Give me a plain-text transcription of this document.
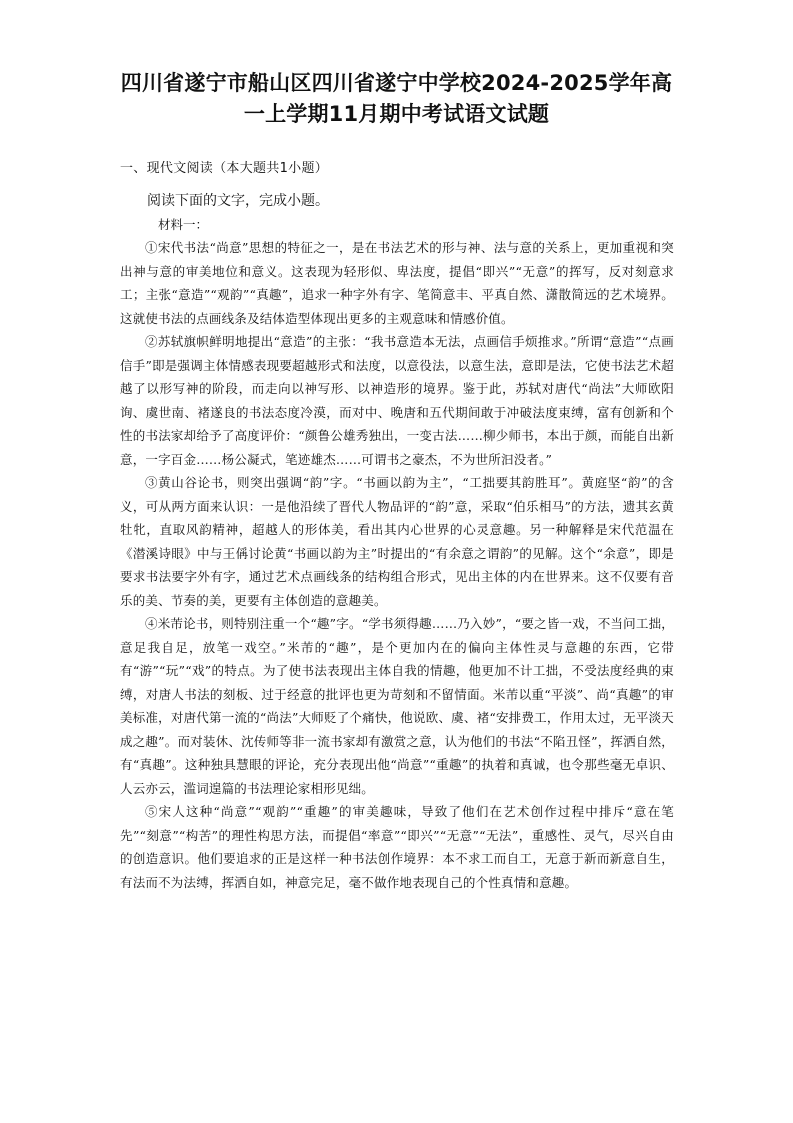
四川省遂宁市船山区四川省遂宁中学校2024-2025学年高
一上学期11月期中考试语文试题
一、现代文阅读（本大题共1小题）
阅读下面的文字，完成小题。
材料一：

①宋代书法“尚意”思想的特征之一，是在书法艺术的形与神、法与意的关系上，更加重视和突出神与意的审美地位和意义。这表现为轻形似、卑法度，提倡“即兴”“无意”的挥写，反对刻意求工；主张“意造”“观韵”“真趣”，追求一种字外有字、笔简意丰、平真自然、潇散简远的艺术境界。这就使书法的点画线条及结体造型体现出更多的主观意味和情感价值。

②苏轼旗帜鲜明地提出“意造”的主张：“我书意造本无法，点画信手烦推求。”所谓“意造”“点画信手”即是强调主体情感表现要超越形式和法度，以意役法，以意生法，意即是法，它使书法艺术超越了以形写神的阶段，而走向以神写形、以神造形的境界。鉴于此，苏轼对唐代“尚法”大师欧阳询、虞世南、褚遂良的书法态度冷漠，而对中、晚唐和五代期间敢于冲破法度束缚，富有创新和个性的书法家却给予了高度评价：“颜鲁公雄秀独出，一变古法……柳少师书，本出于颜，而能自出新意，一字百金……杨公凝式，笔迹雄杰……可谓书之豪杰，不为世所汩没者。”

③黄山谷论书，则突出强调“韵”字。“书画以韵为主”，“工拙要其韵胜耳”。黄庭坚“韵”的含义，可从两方面来认识：一是他沿续了晋代人物品评的“韵”意，采取“伯乐相马”的方法，遗其玄黄牡牝，直取风韵精神，超越人的形体美，看出其内心世界的心灵意趣。另一种解释是宋代范温在《潜溪诗眼》中与王偁讨论黄“书画以韵为主”时提出的“有余意之谓韵”的见解。这个“余意”，即是要求书法要字外有字，通过艺术点画线条的结构组合形式，见出主体的内在世界来。这不仅要有音乐的美、节奏的美，更要有主体创造的意趣美。

④米芾论书，则特别注重一个“趣”字。“学书须得趣……乃入妙”，“要之皆一戏，不当问工拙，意足我自足，放笔一戏空。”米芾的“趣”，是个更加内在的偏向主体性灵与意趣的东西，它带有“游”“玩”“戏”的特点。为了使书法表现出主体自我的情趣，他更加不计工拙，不受法度经典的束缚，对唐人书法的刻板、过于经意的批评也更为苛刻和不留情面。米芾以重“平淡”、尚“真趣”的审美标准，对唐代第一流的“尚法”大师贬了个痛快，他说欧、虞、褚“安排费工，作用太过，无平淡天成之趣”。而对装休、沈传师等非一流书家却有激赏之意，认为他们的书法“不陷丑怪”，挥洒自然，有“真趣”。这种独具慧眼的评论，充分表现出他“尚意”“重趣”的执着和真诚，也令那些毫无卓识、人云亦云，滥词遑篇的书法理论家相形见绌。

⑤宋人这种“尚意”“观韵”“重趣”的审美趣味，导致了他们在艺术创作过程中排斥“意在笔先”“刻意”“构苦”的理性构思方法，而提倡“率意”“即兴”“无意”“无法”，重感性、灵气，尽兴自由的创造意识。他们要追求的正是这样一种书法创作境界：本不求工而自工，无意于新而新意自生，有法而不为法缚，挥洒自如，神意完足，毫不做作地表现自己的个性真情和意趣。
